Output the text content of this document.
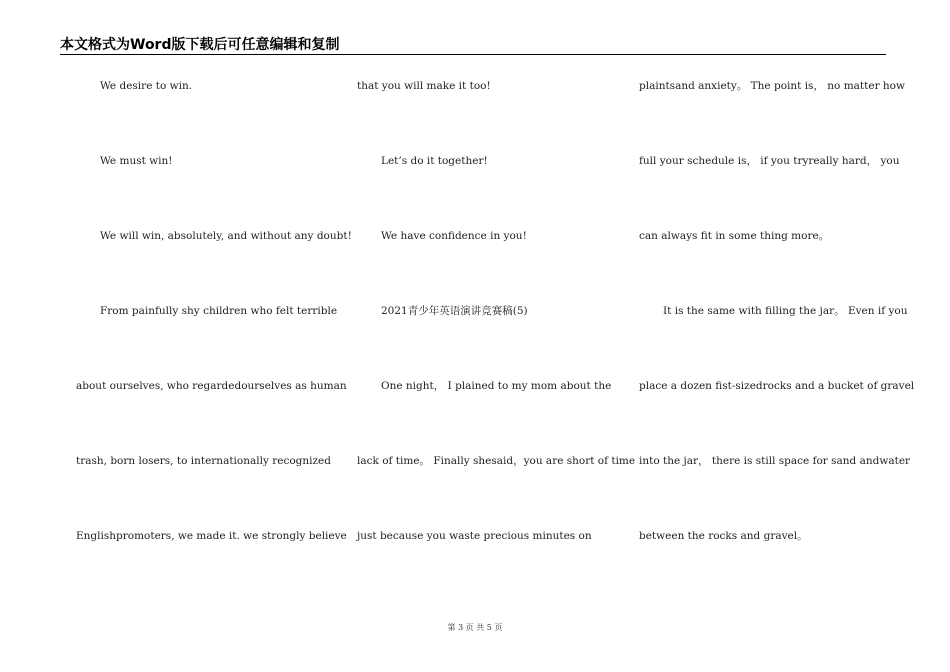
本文格式为Word版下载后可任意编辑和复制
We desire to win.
We must win!
We will win, absolutely, and without any doubt!
From painfully shy children who felt terrible
about ourselves, who regardedourselves as human
trash, born losers, to internationally recognized
Englishpromoters, we made it. we strongly believe
that you will make it too!
Let’s do it together!
We have confidence in you!
2021青少年英语演讲竞赛稿(5)
One night， I plained to my mom about the
lack of time。 Finally shesaid，you are short of time
just because you waste precious minutes on
plaintsand anxiety。 The point is， no matter how
full your schedule is， if you tryreally hard， you
can always fit in some thing more。
It is the same with filling the jar。 Even if you
place a dozen fist-sizedrocks and a bucket of gravel
into the jar， there is still space for sand andwater
between the rocks and gravel。
第 3 页 共 5 页
